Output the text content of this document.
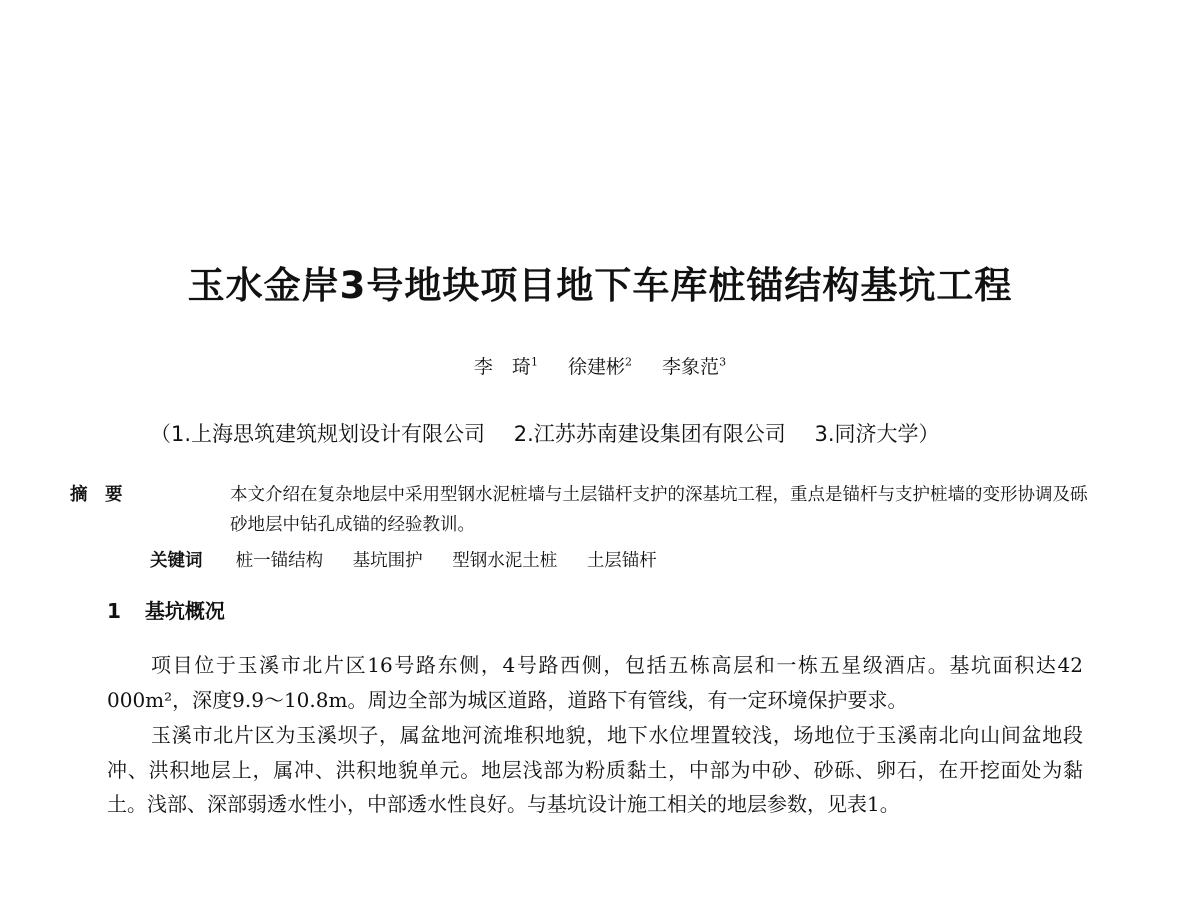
玉水金岸3号地块项目地下车库桩锚结构基坑工程
李　琦$^1$ 徐建彬$^2$ 李象范$^3$
（1.上海思筑建筑规划设计有限公司 2.江苏苏南建设集团有限公司 3.同济大学）
摘　要	本文介绍在复杂地层中采用型钢水泥桩墙与土层锚杆支护的深基坑工程，重点是锚杆与支护桩墙的变形协调及砾砂地层中钻孔成锚的经验教训。
关键词 桩一锚结构 基坑围护 型钢水泥土桩 土层锚杆
1 基坑概况

项目位于玉溪市北片区16号路东侧，4号路西侧，包括五栋高层和一栋五星级酒店。基坑面积达42 000m²，深度9.9～10.8m。周边全部为城区道路，道路下有管线，有一定环境保护要求。

玉溪市北片区为玉溪坝子，属盆地河流堆积地貌，地下水位埋置较浅，场地位于玉溪南北向山间盆地段冲、洪积地层上，属冲、洪积地貌单元。地层浅部为粉质黏土，中部为中砂、砂砾、卵石，在开挖面处为黏土。浅部、深部弱透水性小，中部透水性良好。与基坑设计施工相关的地层参数，见表1。
